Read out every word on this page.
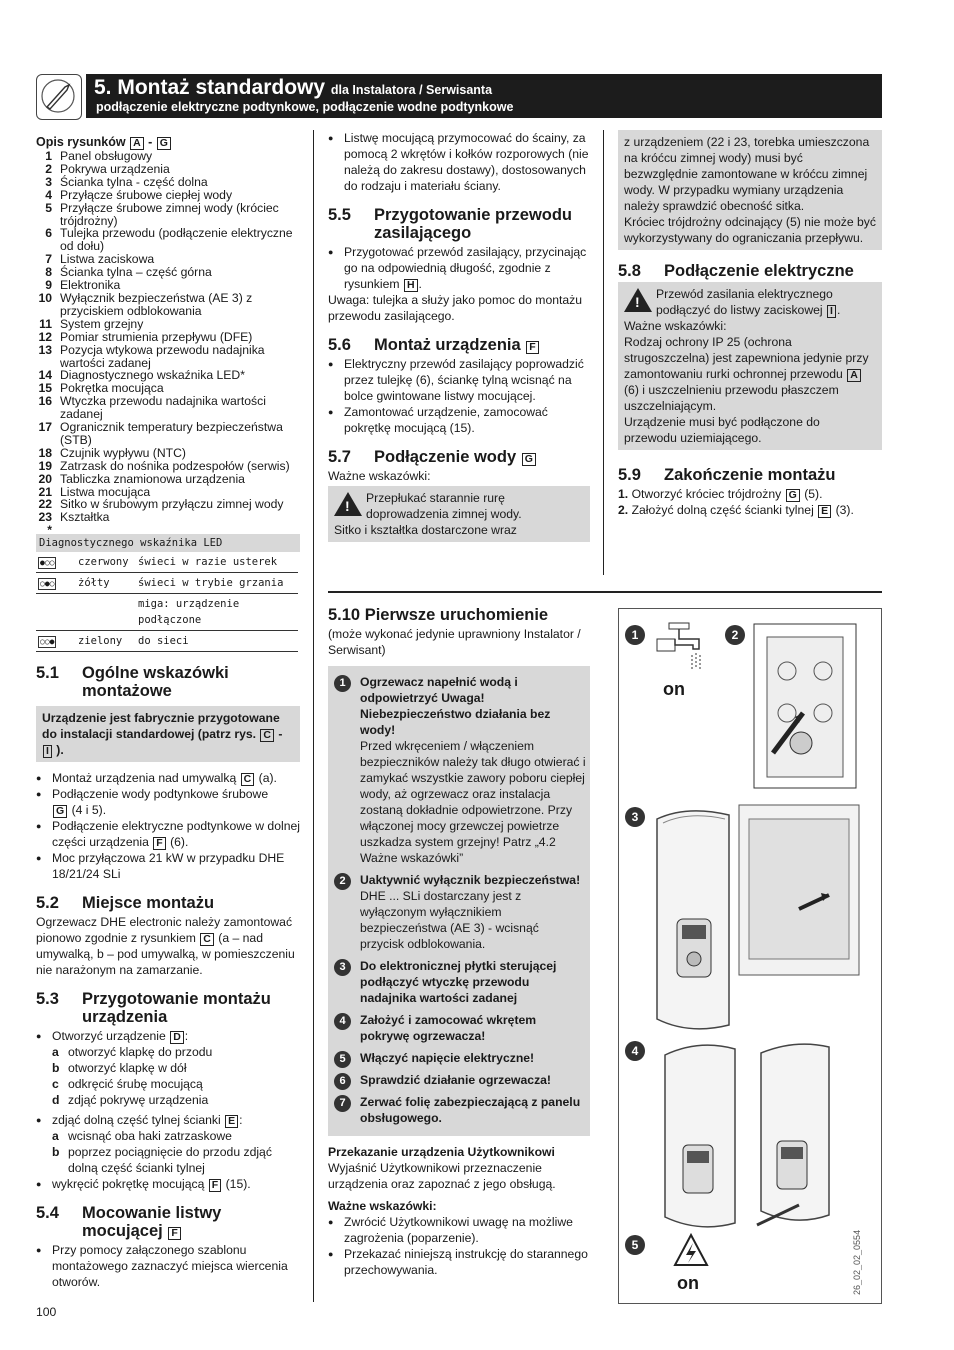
5. Montaż standardowy dla Instalatora / Serwisanta
podłączenie elektryczne podtynkowe, podłączenie wodne podtynkowe
Opis rysunków A - G
1 Panel obsługowy
2 Pokrywa urządzenia
3 Ścianka tylna - część dolna
4 Przyłącze śrubowe ciepłej wody
5 Przyłącze śrubowe zimnej wody (króciec trójdrożny)
6 Tulejka przewodu (podłączenie elektryczne od dołu)
7 Listwa zaciskowa
8 Ścianka tylna – część górna
9 Elektronika
10 Wyłącznik bezpieczeństwa (AE 3) z przyciskiem odblokowania
11 System grzejny
12 Pomiar strumienia przepływu (DFE)
13 Pozycja wtykowa przewodu nadajnika wartości zadanej
14 Diagnostycznego wskaźnika LED*
15 Pokrętka mocująca
16 Wtyczka przewodu nadajnika wartości zadanej
17 Ogranicznik temperatury bezpieczeństwa (STB)
18 Czujnik wypływu (NTC)
19 Zatrzask do nośnika podzespołów (serwis)
20 Tabliczka znamionowa urządzenia
21 Listwa mocująca
22 Sitko w śrubowym przyłączu zimnej wody
23 Kształtka
*
Diagnostycznego wskaźnika LED
●○○	czerwony	świeci w razie usterek
○●○	żółty	świeci w trybie grzania
		miga: urządzenie podłączone
○○●	zielony	do sieci
5.1 Ogólne wskazówki montażowe
Urządzenie jest fabrycznie przygotowane do instalacji standardowej (patrz rys. C - I ).
● Montaż urządzenia nad umywalką C (a).
● Podłączenie wody podtynkowe śrubowe
G (4 i 5).
● Podłączenie elektryczne podtynkowe w dolnej części urządzenia F (6).
● Moc przyłączowa 21 kW w przypadku DHE 18/21/24 SLi
5.2 Miejsce montażu

Ogrzewacz DHE electronic należy zamontować pionowo zgodnie z rysunkiem C (a – nad umywalką, b – pod umywalką, w pomieszczeniu nie narażonym na zamarzanie.

5.3 Przygotowanie montażu urządzenia
● Otworzyć urządzenie D :
a otworzyć klapkę do przodu
b otworzyć klapkę w dół
c odkręcić śrubę mocującą
d zdjąć pokrywę urządzenia
● zdjąć dolną część tylnej ścianki E :
a wcisnąć oba haki zatrzaskowe
b poprzez pociągnięcie do przodu zdjąć dolną część ścianki tylnej
● wykręcić pokrętkę mocującą F (15).
5.4 Mocowanie listwy mocującej F
● Przy pomocy załączonego szablonu montażowego zaznaczyć miejsca wiercenia otworów.
100
● Listwę mocującą przymocować do ścainy, za pomocą 2 wkrętów i kołków rozporowych (nie należą do zakresu dostawy), dostosowanych do rodzaju i materiału ściany.
5.5 Przygotowanie przewodu zasilającego
● Przygotować przewód zasilający, przycinając go na odpowiednią długość, zgodnie z rysunkiem H .

Uwaga: tulejka a służy jako pomoc do montażu przewodu zasilającego.

5.6 Montaż urządzenia F
● Elektryczny przewód zasilający poprowadzić przez tulejkę (6), ściankę tylną wcisnąć na bolce gwintowane listwy mocującej.
● Zamontować urządzenie, zamocować pokrętkę mocującą (15).
5.7 Podłączenie wody G

Ważne wskazówki:

!
Przepłukać starannie rurę doprowadzenia zimnej wody.
Sitko i kształtka dostarczone wraz
z urządzeniem (22 i 23, torebka umieszczona na króćcu zimnej wody) musi być bezwzględnie zamontowane w króćcu zimnej wody. W przypadku wymiany urządzenia należy sprawdzić obecność sitka.
Króciec trójdrożny odcinający (5) nie może być wykorzystywany do ograniczania przepływu.
5.8 Podłączenie elektryczne
!
Przewód zasilania elektrycznego podłączyć do listwy zaciskowej I .
Ważne wskazówki:
Rodzaj ochrony IP 25 (ochrona strugoszczelna) jest zapewniona jedynie przy zamontowaniu rurki ochronnej przewodu A (6) i uszczelnieniu przewodu płaszczem uszczelniającym.
Urządzenie musi być podłączone do przewodu uziemiającego.
5.9 Zakończenie montażu
1. Otworzyć króciec trójdrożny G (5).
2. Założyć dolną część ścianki tylnej E (3).
5.10 Pierwsze uruchomienie

(może wykonać jedynie uprawniony Instalator / Serwisant)

1	Ogrzewacz napełnić wodą i odpowietrzyć Uwaga! Niebezpieczeństwo działania bez wody!
Przed wkręceniem / włączeniem bezpieczników należy tak długo otwierać i zamykać wszystkie zawory poboru ciepłej wody, aż ogrzewacz oraz instalacja zostaną dokładnie odpowietrzone. Przy włączonej mocy grzewczej powietrze uszkadza system grzejny! Patrz „4.2 Ważne wskazówki”
2	Uaktywnić wyłącznik bezpieczeństwa!
DHE ... SLi dostarczany jest z wyłączonym wyłącznikiem bezpieczeństwa (AE 3) - wcisnąć przycisk odblokowania.
3	Do elektronicznej płytki sterującej podłączyć wtyczkę przewodu nadajnika wartości zadanej
4	Założyć i zamocować wkrętem pokrywę ogrzewacza!
5	Włączyć napięcie elektryczne!
6	Sprawdzić działanie ogrzewacza!
7	Zerwać folię zabezpieczającą z panelu obsługowego.

Przekazanie urządzenia Użytkownikowi

Wyjaśnić Użytkownikowi przeznaczenie urządzenia oraz zapoznać z jego obsługą.

Ważne wskazówki:

● Zwrócić Użytkownikowi uwagę na możliwe zagrożenia (poparzenie).
● Przekazać niniejszą instrukcję do starannego przechowywania.
1	2
3
4
5
on
on	26_02_02_0554
